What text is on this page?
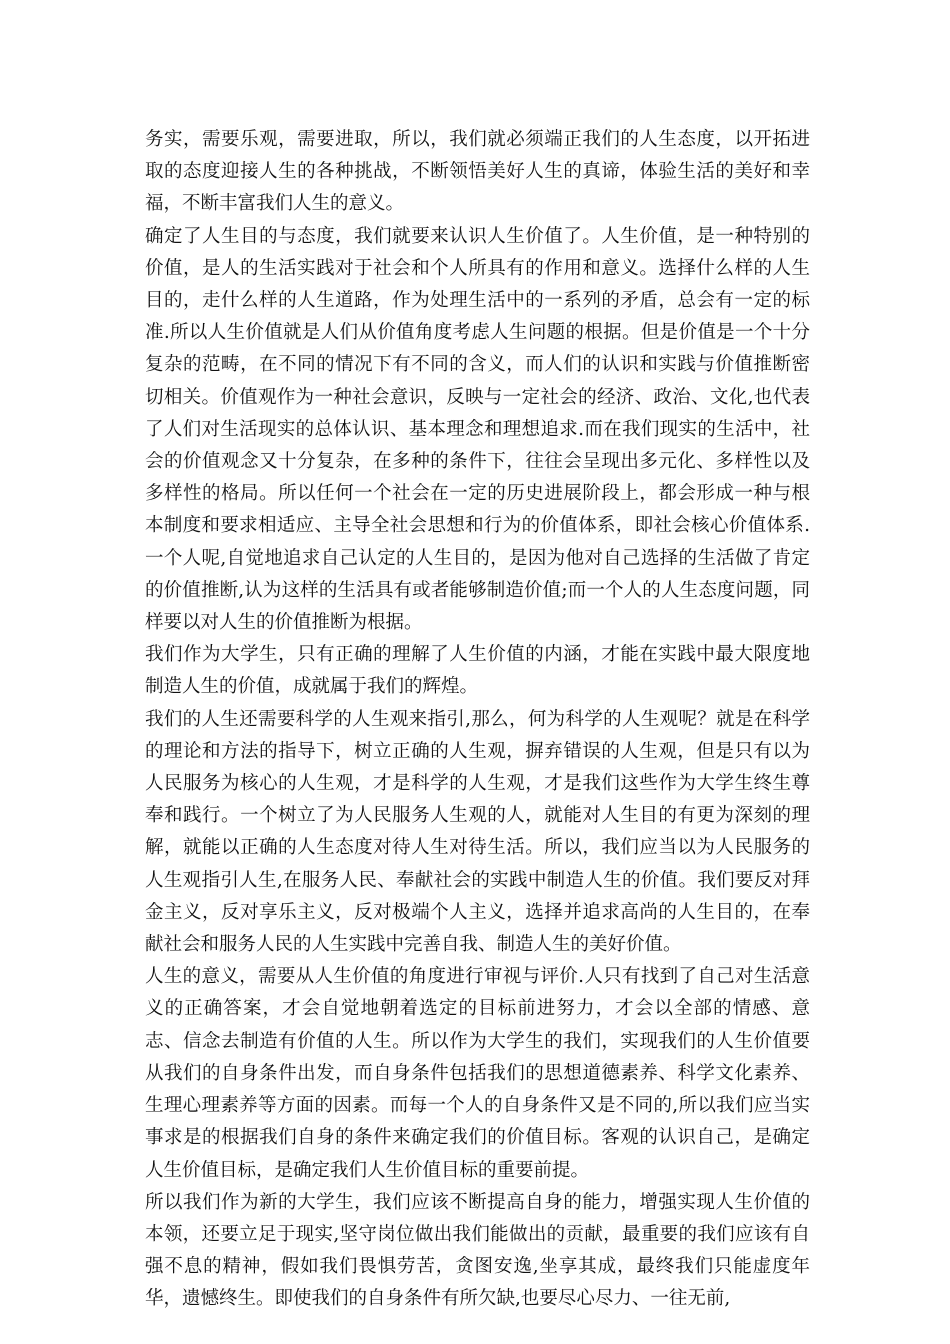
务实，需要乐观，需要进取，所以，我们就必须端正我们的人生态度，以开拓进取的态度迎接人生的各种挑战，不断领悟美好人生的真谛，体验生活的美好和幸福，不断丰富我们人生的意义。

确定了人生目的与态度，我们就要来认识人生价值了。人生价值，是一种特别的价值，是人的生活实践对于社会和个人所具有的作用和意义。选择什么样的人生目的，走什么样的人生道路，作为处理生活中的一系列的矛盾，总会有一定的标准.所以人生价值就是人们从价值角度考虑人生问题的根据。但是价值是一个十分复杂的范畴，在不同的情况下有不同的含义，而人们的认识和实践与价值推断密切相关。价值观作为一种社会意识，反映与一定社会的经济、政治、文化,也代表了人们对生活现实的总体认识、基本理念和理想追求.而在我们现实的生活中，社会的价值观念又十分复杂，在多种的条件下，往往会呈现出多元化、多样性以及多样性的格局。所以任何一个社会在一定的历史进展阶段上，都会形成一种与根本制度和要求相适应、主导全社会思想和行为的价值体系，即社会核心价值体系.一个人呢,自觉地追求自己认定的人生目的，是因为他对自己选择的生活做了肯定的价值推断,认为这样的生活具有或者能够制造价值;而一个人的人生态度问题，同样要以对人生的价值推断为根据。

我们作为大学生，只有正确的理解了人生价值的内涵，才能在实践中最大限度地制造人生的价值，成就属于我们的辉煌。

我们的人生还需要科学的人生观来指引,那么，何为科学的人生观呢？就是在科学的理论和方法的指导下，树立正确的人生观，摒弃错误的人生观，但是只有以为人民服务为核心的人生观，才是科学的人生观，才是我们这些作为大学生终生尊奉和践行。一个树立了为人民服务人生观的人，就能对人生目的有更为深刻的理解，就能以正确的人生态度对待人生对待生活。所以，我们应当以为人民服务的人生观指引人生,在服务人民、奉献社会的实践中制造人生的价值。我们要反对拜金主义，反对享乐主义，反对极端个人主义，选择并追求高尚的人生目的，在奉献社会和服务人民的人生实践中完善自我、制造人生的美好价值。

人生的意义，需要从人生价值的角度进行审视与评价.人只有找到了自己对生活意义的正确答案，才会自觉地朝着选定的目标前进努力，才会以全部的情感、意志、信念去制造有价值的人生。所以作为大学生的我们，实现我们的人生价值要从我们的自身条件出发，而自身条件包括我们的思想道德素养、科学文化素养、生理心理素养等方面的因素。而每一个人的自身条件又是不同的,所以我们应当实事求是的根据我们自身的条件来确定我们的价值目标。客观的认识自己，是确定人生价值目标，是确定我们人生价值目标的重要前提。

所以我们作为新的大学生，我们应该不断提高自身的能力，增强实现人生价值的本领，还要立足于现实,坚守岗位做出我们能做出的贡献，最重要的我们应该有自强不息的精神，假如我们畏惧劳苦，贪图安逸,坐享其成，最终我们只能虚度年华，遗憾终生。即使我们的自身条件有所欠缺,也要尽心尽力、一往无前,
